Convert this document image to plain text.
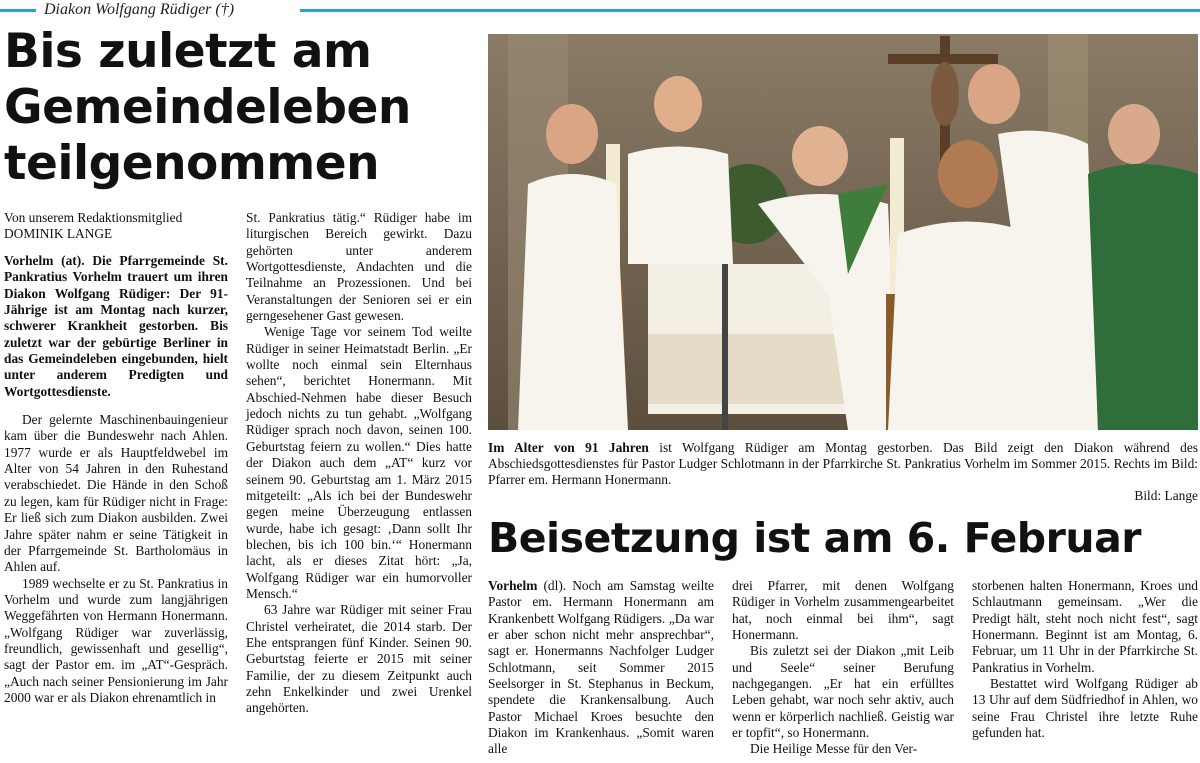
Diakon Wolfgang Rüdiger (†)
Bis zuletzt am Gemeindeleben teilgenommen

Von unserem Redaktionsmitglied DOMINIK LANGE

Vorhelm (at). Die Pfarrgemeinde St. Pankratius Vorhelm trauert um ihren Diakon Wolfgang Rüdiger: Der 91-Jährige ist am Montag nach kurzer, schwerer Krankheit gestorben. Bis zuletzt war der gebürtige Berliner in das Gemeindeleben eingebunden, hielt unter anderem Predigten und Wortgottesdienste.

Der gelernte Maschinenbauingenieur kam über die Bundeswehr nach Ahlen. 1977 wurde er als Hauptfeldwebel im Alter von 54 Jahren in den Ruhestand verabschiedet. Die Hände in den Schoß zu legen, kam für Rüdiger nicht in Frage: Er ließ sich zum Diakon ausbilden. Zwei Jahre später nahm er seine Tätigkeit in der Pfarrgemeinde St. Bartholomäus in Ahlen auf.

1989 wechselte er zu St. Pankratius in Vorhelm und wurde zum langjährigen Weggefährten von Hermann Honermann. „Wolfgang Rüdiger war zuverlässig, freundlich, gewissenhaft und gesellig“, sagt der Pastor em. im „AT“-Gespräch. „Auch nach seiner Pensionierung im Jahr 2000 war er als Diakon ehrenamtlich in

St. Pankratius tätig.“ Rüdiger habe im liturgischen Bereich gewirkt. Dazu gehörten unter anderem Wortgottesdienste, Andachten und die Teilnahme an Prozessionen. Und bei Veranstaltungen der Senioren sei er ein gerngesehener Gast gewesen.

Wenige Tage vor seinem Tod weilte Rüdiger in seiner Heimatstadt Berlin. „Er wollte noch einmal sein Elternhaus sehen“, berichtet Honermann. Mit Abschied-Nehmen habe dieser Besuch jedoch nichts zu tun gehabt. „Wolfgang Rüdiger sprach noch davon, seinen 100. Geburtstag feiern zu wollen.“ Dies hatte der Diakon auch dem „AT“ kurz vor seinem 90. Geburtstag am 1. März 2015 mitgeteilt: „Als ich bei der Bundeswehr gegen meine Überzeugung entlassen wurde, habe ich gesagt: ‚Dann sollt Ihr blechen, bis ich 100 bin.‘“ Honermann lacht, als er dieses Zitat hört: „Ja, Wolfgang Rüdiger war ein humorvoller Mensch.“

63 Jahre war Rüdiger mit seiner Frau Christel verheiratet, die 2014 starb. Der Ehe entsprangen fünf Kinder. Seinen 90. Geburtstag feierte er 2015 mit seiner Familie, der zu diesem Zeitpunkt auch zehn Enkelkinder und zwei Urenkel angehörten.

Im Alter von 91 Jahren ist Wolfgang Rüdiger am Montag gestorben. Das Bild zeigt den Diakon während des Abschiedsgottesdienstes für Pastor Ludger Schlotmann in der Pfarrkirche St. Pankratius Vorhelm im Sommer 2015. Rechts im Bild: Pfarrer em. Hermann Honermann.
Bild: Lange
Beisetzung ist am 6. Februar

Vorhelm (dl). Noch am Samstag weilte Pastor em. Hermann Honermann am Krankenbett Wolfgang Rüdigers. „Da war er aber schon nicht mehr ansprechbar“, sagt er. Honermanns Nachfolger Ludger Schlotmann, seit Sommer 2015 Seelsorger in St. Stephanus in Beckum, spendete die Krankensalbung. Auch Pastor Michael Kroes besuchte den Diakon im Krankenhaus. „Somit waren alle

drei Pfarrer, mit denen Wolfgang Rüdiger in Vorhelm zusammengearbeitet hat, noch einmal bei ihm“, sagt Honermann.

Bis zuletzt sei der Diakon „mit Leib und Seele“ seiner Berufung nachgegangen. „Er hat ein erfülltes Leben gehabt, war noch sehr aktiv, auch wenn er körperlich nachließ. Geistig war er topfit“, so Honermann.

Die Heilige Messe für den Ver-

storbenen halten Honermann, Kroes und Schlautmann gemeinsam. „Wer die Predigt hält, steht noch nicht fest“, sagt Honermann. Beginnt ist am Montag, 6. Februar, um 11 Uhr in der Pfarrkirche St. Pankratius in Vorhelm.

Bestattet wird Wolfgang Rüdiger ab 13 Uhr auf dem Südfriedhof in Ahlen, wo seine Frau Christel ihre letzte Ruhe gefunden hat.
